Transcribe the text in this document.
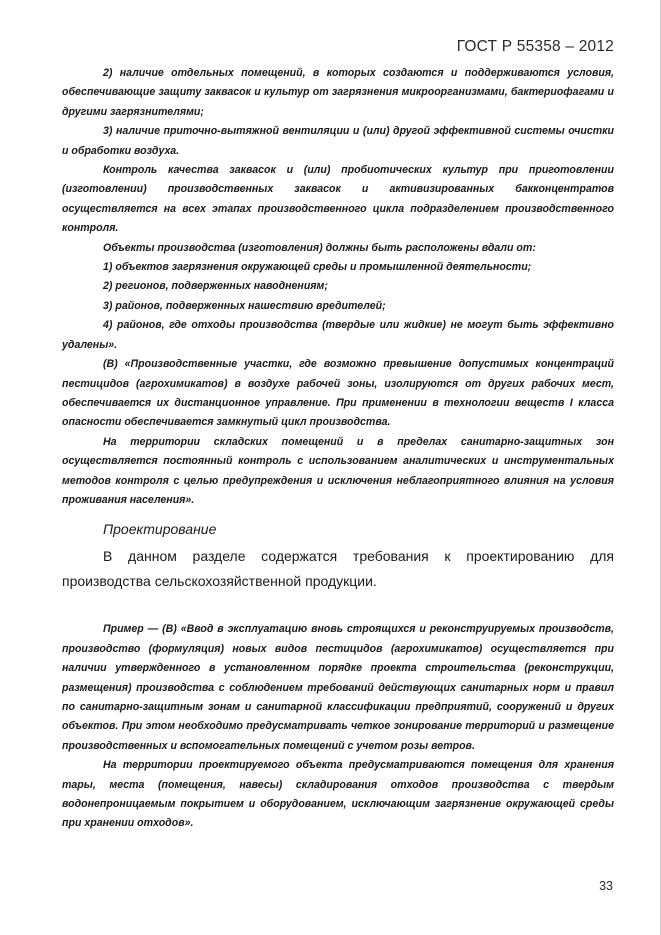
ГОСТ Р 55358 – 2012

2) наличие отдельных помещений, в которых создаются и поддерживаются условия, обеспечивающие защиту заквасок и культур от загрязнения микроорганизмами, бактериофагами и другими загрязнителями;

3) наличие приточно-вытяжной вентиляции и (или) другой эффективной системы очистки и обработки воздуха.

Контроль качества заквасок и (или) пробиотических культур при приготовлении (изготовлении) производственных заквасок и активизированных бакконцентратов осуществляется на всех этапах производственного цикла подразделением производственного контроля.

Объекты производства (изготовления) должны быть расположены вдали от:

1) объектов загрязнения окружающей среды и промышленной деятельности;

2) регионов, подверженных наводнениям;

3) районов, подверженных нашествию вредителей;

4) районов, где отходы производства (твердые или жидкие) не могут быть эффективно удалены».

(В) «Производственные участки, где возможно превышение допустимых концентраций пестицидов (агрохимикатов) в воздухе рабочей зоны, изолируются от других рабочих мест, обеспечивается их дистанционное управление. При применении в технологии веществ I класса опасности обеспечивается замкнутый цикл производства.

На территории складских помещений и в пределах санитарно-защитных зон осуществляется постоянный контроль с использованием аналитических и инструментальных методов контроля с целью предупреждения и исключения неблагоприятного влияния на условия проживания населения».

Проектирование

В данном разделе содержатся требования к проектированию для производства сельскохозяйственной продукции.

Пример — (В) «Ввод в эксплуатацию вновь строящихся и реконструируемых производств, производство (формуляция) новых видов пестицидов (агрохимикатов) осуществляется при наличии утвержденного в установленном порядке проекта строительства (реконструкции, размещения) производства с соблюдением требований действующих санитарных норм и правил по санитарно-защитным зонам и санитарной классификации предприятий, сооружений и других объектов. При этом необходимо предусматривать четкое зонирование территорий и размещение производственных и вспомогательных помещений с учетом розы ветров.

На территории проектируемого объекта предусматриваются помещения для хранения тары, места (помещения, навесы) складирования отходов производства с твердым водонепроницаемым покрытием и оборудованием, исключающим загрязнение окружающей среды при хранении отходов».

33
